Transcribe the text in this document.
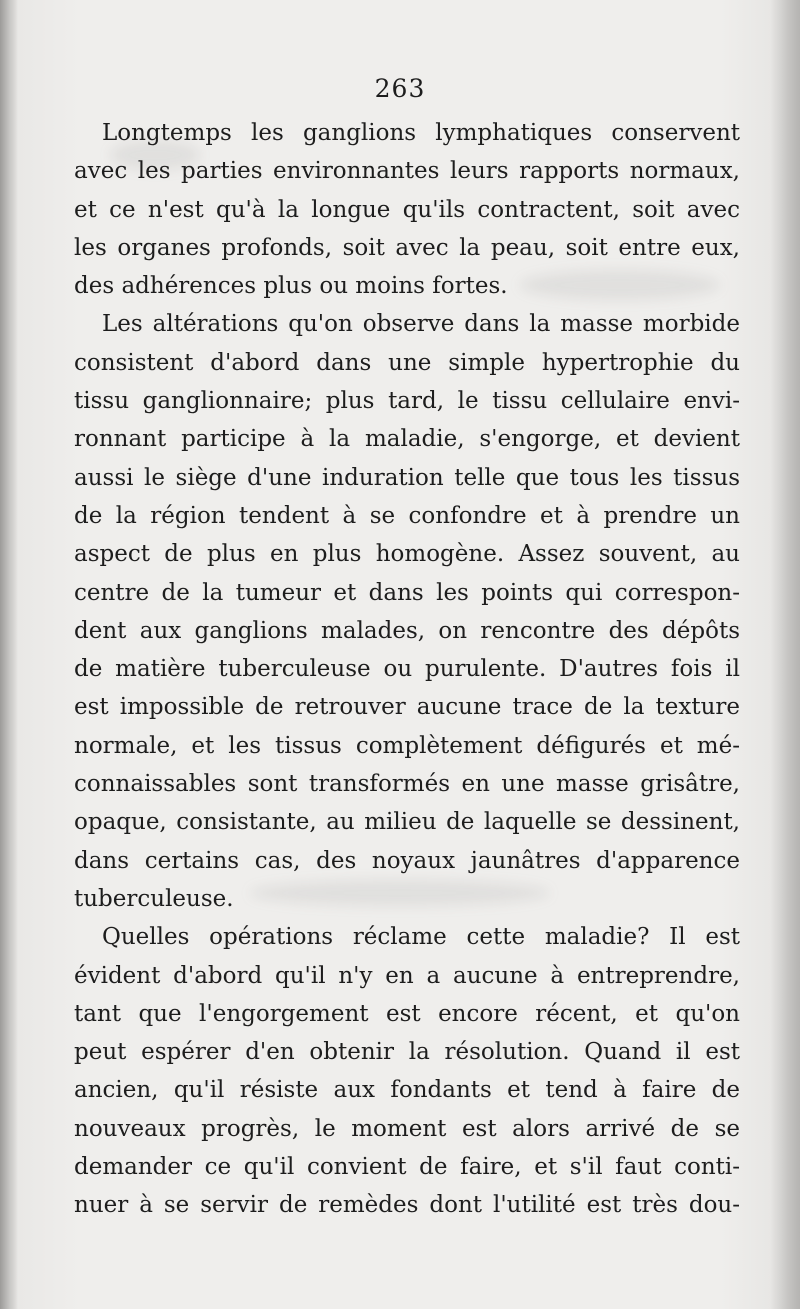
263
Longtemps les ganglions lymphatiques conservent
avec les parties environnantes leurs rapports normaux,
et ce n'est qu'à la longue qu'ils contractent, soit avec
les organes profonds, soit avec la peau, soit entre eux,
des adhérences plus ou moins fortes.
Les altérations qu'on observe dans la masse morbide
consistent d'abord dans une simple hypertrophie du
tissu ganglionnaire; plus tard, le tissu cellulaire envi-
ronnant participe à la maladie, s'engorge, et devient
aussi le siège d'une induration telle que tous les tissus
de la région tendent à se confondre et à prendre un
aspect de plus en plus homogène. Assez souvent, au
centre de la tumeur et dans les points qui correspon-
dent aux ganglions malades, on rencontre des dépôts
de matière tuberculeuse ou purulente. D'autres fois il
est impossible de retrouver aucune trace de la texture
normale, et les tissus complètement défigurés et mé-
connaissables sont transformés en une masse grisâtre,
opaque, consistante, au milieu de laquelle se dessinent,
dans certains cas, des noyaux jaunâtres d'apparence
tuberculeuse.
Quelles opérations réclame cette maladie? Il est
évident d'abord qu'il n'y en a aucune à entreprendre,
tant que l'engorgement est encore récent, et qu'on
peut espérer d'en obtenir la résolution. Quand il est
ancien, qu'il résiste aux fondants et tend à faire de
nouveaux progrès, le moment est alors arrivé de se
demander ce qu'il convient de faire, et s'il faut conti-
nuer à se servir de remèdes dont l'utilité est très dou-
